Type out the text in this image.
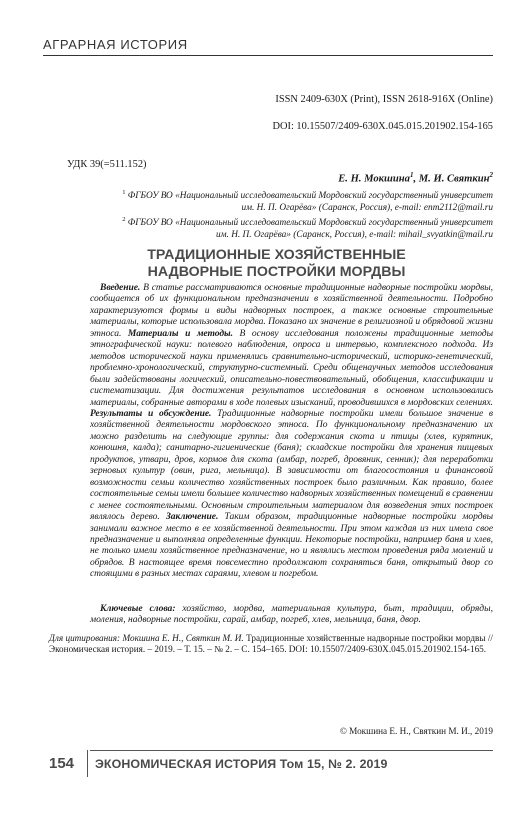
АГРАРНАЯ ИСТОРИЯ
ISSN 2409-630X (Print), ISSN 2618-916X (Online)
DOI: 10.15507/2409-630X.045.015.201902.154-165
УДК 39(=511.152)
Е. Н. Мокшина$^1$, М. И. Святкин$^2$
$^1$ ФГБОУ ВО «Национальный исследовательский Мордовский государственный университет
им. Н. П. Огарёва» (Саранск, Россия), e-mail: enm2112@mail.ru
$^2$ ФГБОУ ВО «Национальный исследовательский Мордовский государственный университет
им. Н. П. Огарёва» (Саранск, Россия), e-mail: mihail_svyatkin@mail.ru
ТРАДИЦИОННЫЕ ХОЗЯЙСТВЕННЫЕ
НАДВОРНЫЕ ПОСТРОЙКИ МОРДВЫ

Введение. В статье рассматриваются основные традиционные надворные постройки мордвы, сообщается об их функциональном предназначении в хозяйственной деятельности. Подробно характеризуются формы и виды надворных построек, а также основные строительные материалы, которые использовала мордва. Показано их значение в религиозной и обрядовой жизни этноса. Материалы и методы. В основу исследования положены традиционные методы этнографической науки: полевого наблюдения, опроса и интервью, комплексного подхода. Из методов исторической науки применялись сравнительно-исторический, историко-генетический, проблемно-хронологический, структурно-системный. Среди общенаучных методов исследования были задействованы логический, описательно-повествовательный, обобщения, классификации и систематизации. Для достижения результатов исследования в основном использовались материалы, собранные авторами в ходе полевых изысканий, проводившихся в мордовских селениях. Результаты и обсуждение. Традиционные надворные постройки имели большое значение в хозяйственной деятельности мордовского этноса. По функциональному предназначению их можно разделить на следующие группы: для содержания скота и птицы (хлев, курятник, конюшня, калда); санитарно-гигиенические (баня); складские постройки для хранения пищевых продуктов, утвари, дров, кормов для скота (амбар, погреб, дровяник, сенник); для переработки зерновых культур (овин, рига, мельница). В зависимости от благосостояния и финансовой возможности семьи количество хозяйственных построек было различным. Как правило, более состоятельные семьи имели большее количество надворных хозяйственных помещений в сравнении с менее состоятельными. Основным строительным материалом для возведения этих построек являлось дерево. Заключение. Таким образом, традиционные надворные постройки мордвы занимали важное место в ее хозяйственной деятельности. При этом каждая из них имела свое предназначение и выполняла определенные функции. Некоторые постройки, например баня и хлев, не только имели хозяйственное предназначение, но и являлись местом проведения ряда молений и обрядов. В настоящее время повсеместно продолжают сохраняться баня, открытый двор со стоящими в разных местах сараями, хлевом и погребом.

Ключевые слова: хозяйство, мордва, материальная культура, быт, традиции, обряды, моления, надворные постройки, сарай, амбар, погреб, хлев, мельница, баня, двор.

Для цитирования: Мокшина Е. Н., Святкин М. И. Традиционные хозяйственные надворные постройки мордвы // Экономическая история. – 2019. – Т. 15. – № 2. – С. 154–165. DOI: 10.15507/2409-630X.045.015.201902.154-165.
© Мокшина Е. Н., Святкин М. И., 2019
154 ЭКОНОМИЧЕСКАЯ ИСТОРИЯ Том 15, № 2. 2019
